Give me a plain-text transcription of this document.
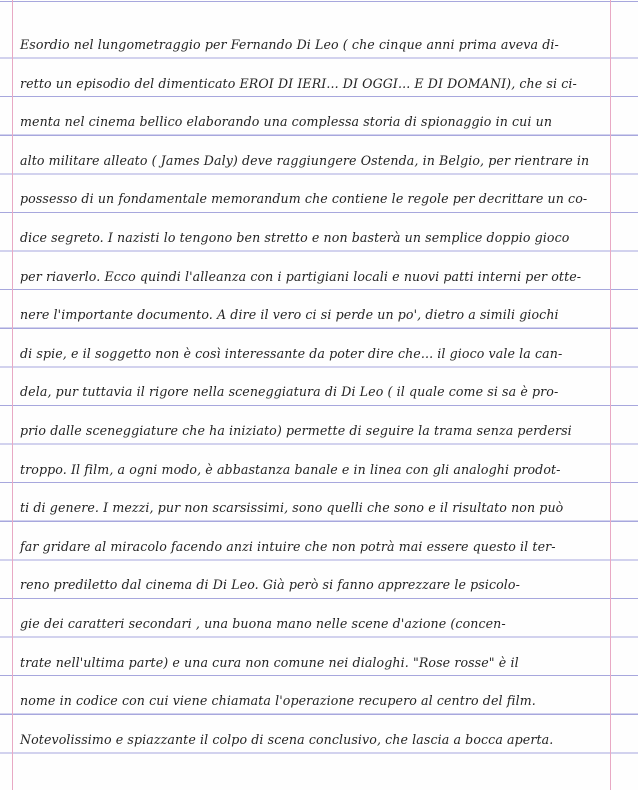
Esordio nel lungometraggio per Fernando Di Leo ( che cinque anni prima aveva di-
retto un episodio del dimenticato EROI DI IERI... DI OGGI... E DI DOMANI), che si ci-
menta nel cinema bellico elaborando una complessa storia di spionaggio in cui un
alto militare alleato ( James Daly) deve raggiungere Ostenda, in Belgio, per rientrare in
possesso di un fondamentale memorandum che contiene le regole per decrittare un co-
dice segreto. I nazisti lo tengono ben stretto e non basterà un semplice doppio gioco
per riaverlo. Ecco quindi l'alleanza con i partigiani locali e nuovi patti interni per otte-
nere l'importante documento. A dire il vero ci si perde un po', dietro a simili giochi
di spie, e il soggetto non è così interessante da poter dire che... il gioco vale la can-
dela, pur tuttavia il rigore nella sceneggiatura di Di Leo ( il quale come si sa è pro-
prio dalle sceneggiature che ha iniziato) permette di seguire la trama senza perdersi
troppo. Il film, a ogni modo, è abbastanza banale e in linea con gli analoghi prodot-
ti di genere. I mezzi, pur non scarsissimi, sono quelli che sono e il risultato non può
far gridare al miracolo facendo anzi intuire che non potrà mai essere questo il ter-
reno prediletto dal cinema di Di Leo. Già però si fanno apprezzare le psicolo-
gie dei caratteri secondari , una buona mano nelle scene d'azione (concen-
trate nell'ultima parte) e una cura non comune nei dialoghi. "Rose rosse" è il
nome in codice con cui viene chiamata l'operazione recupero al centro del film.
Notevolissimo e spiazzante il colpo di scena conclusivo, che lascia a bocca aperta.
